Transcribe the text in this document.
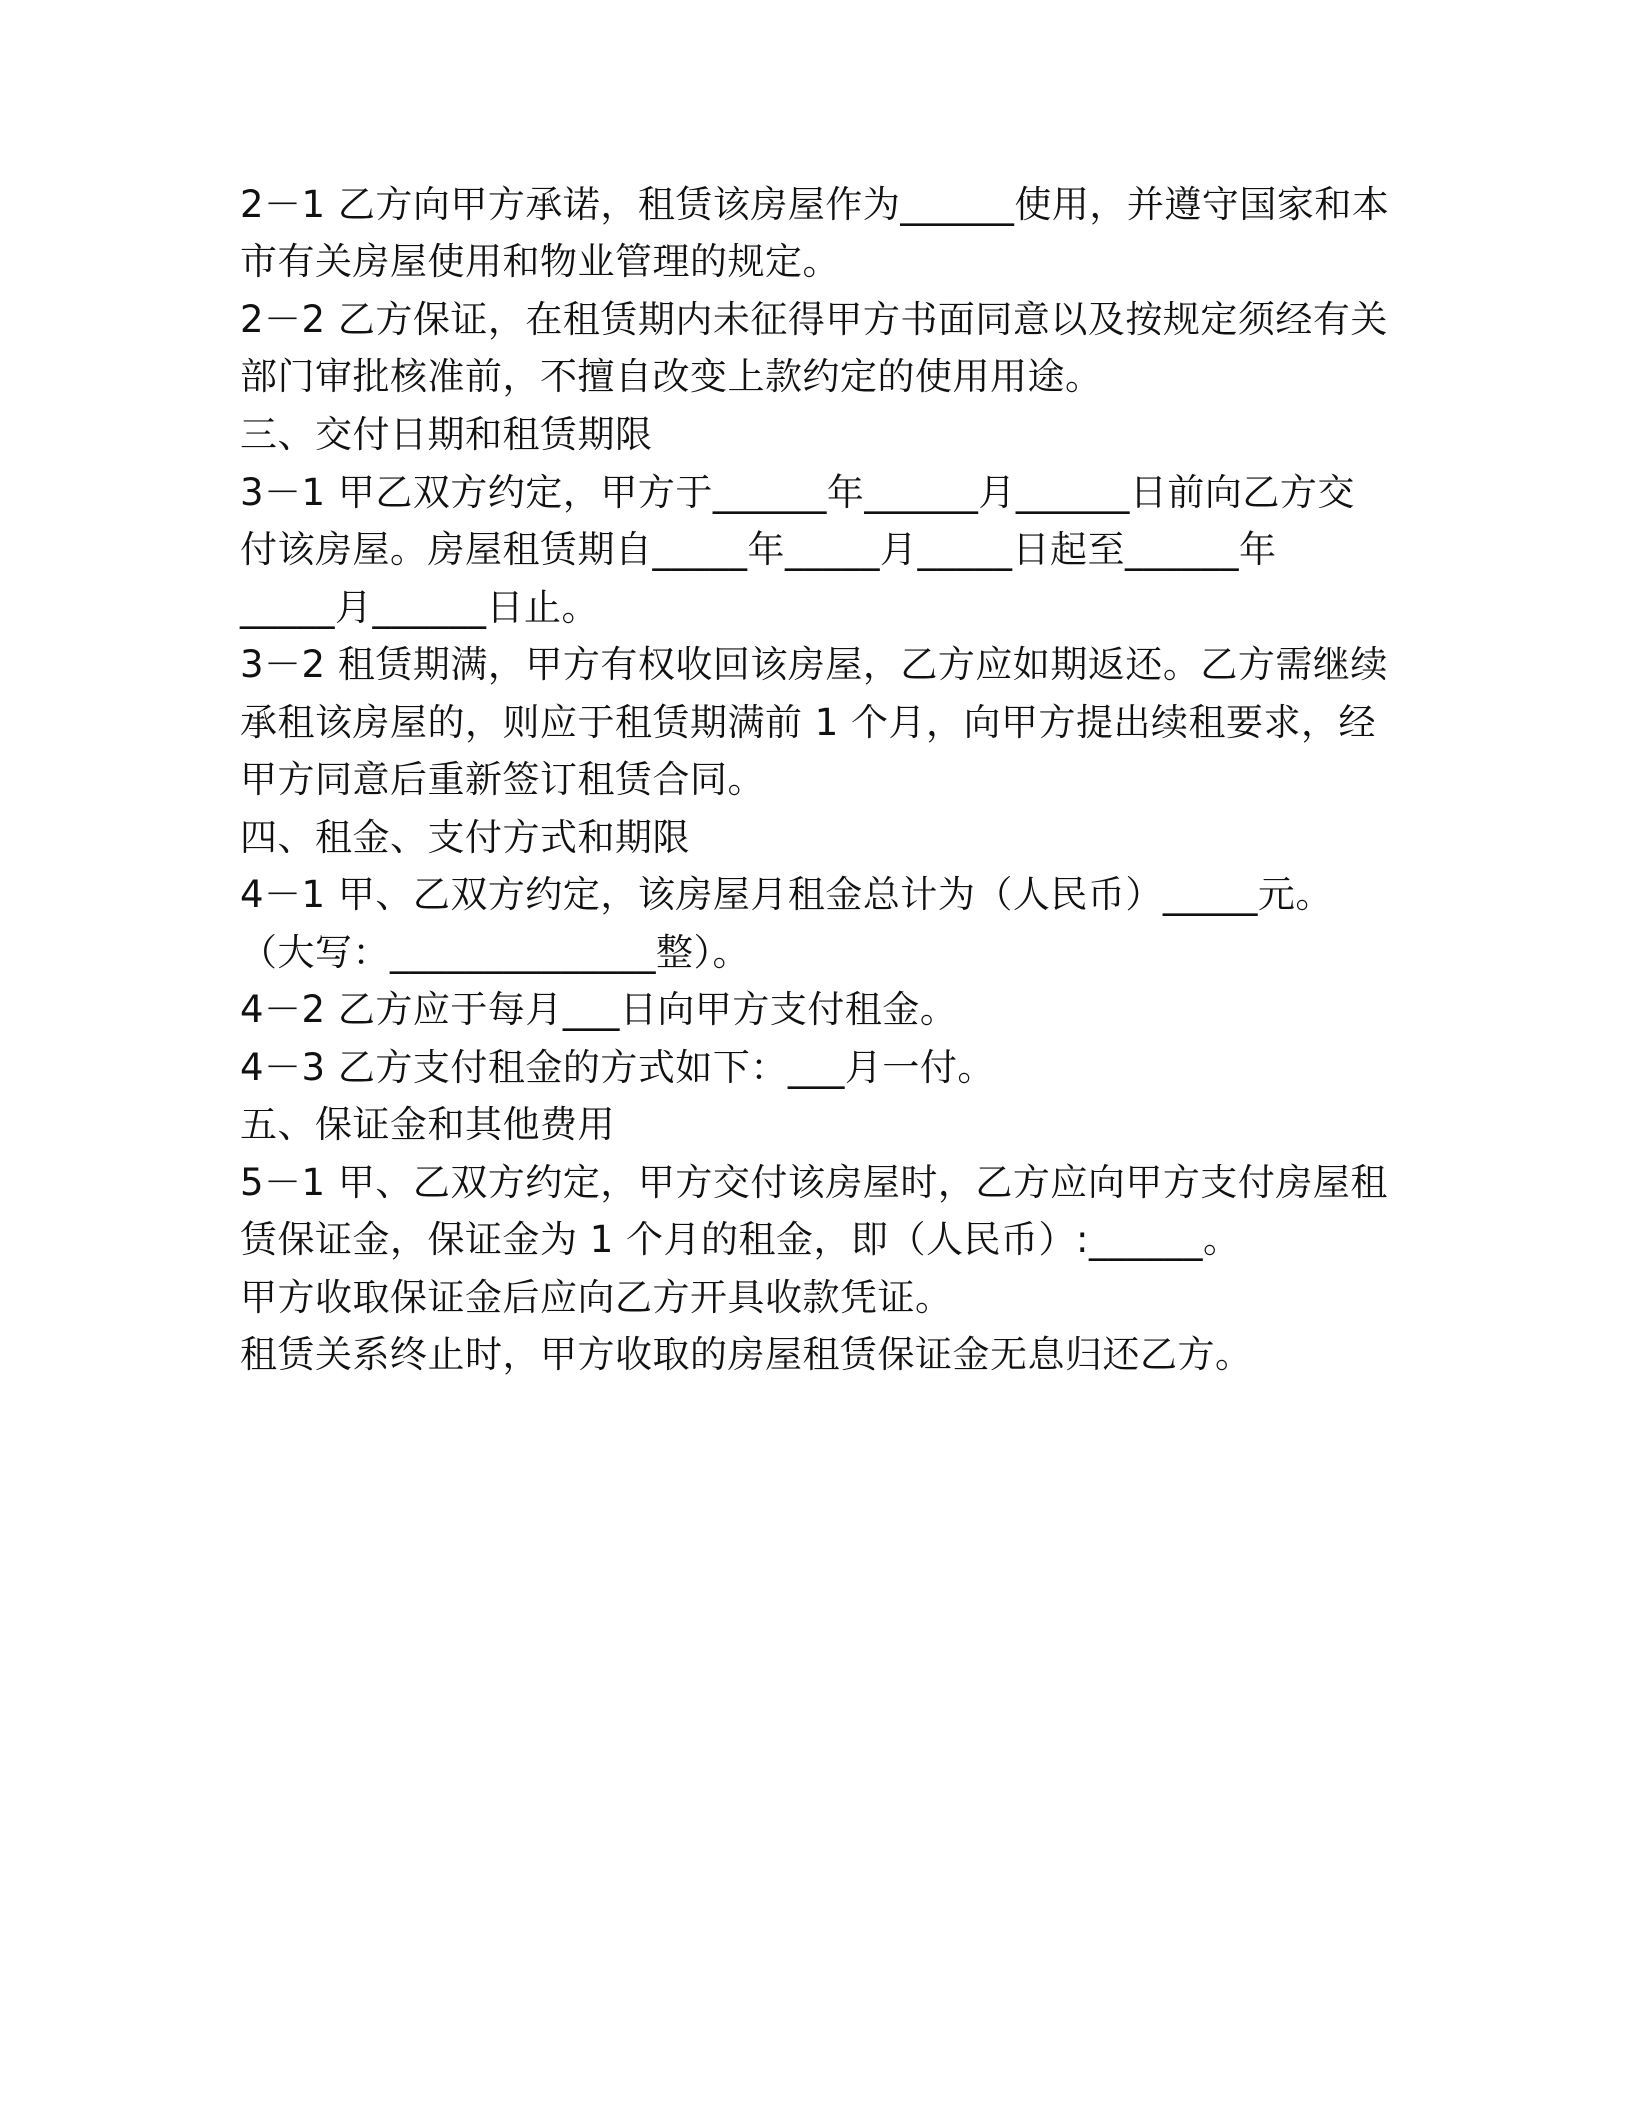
2－1 乙方向甲方承诺，租赁该房屋作为______使用，并遵守国家和本
市有关房屋使用和物业管理的规定。
2－2 乙方保证，在租赁期内未征得甲方书面同意以及按规定须经有关
部门审批核准前，不擅自改变上款约定的使用用途。
三、交付日期和租赁期限
3－1 甲乙双方约定，甲方于______年______月______日前向乙方交
付该房屋。房屋租赁期自_____年_____月_____日起至______年
_____月______日止。
3－2 租赁期满，甲方有权收回该房屋，乙方应如期返还。乙方需继续
承租该房屋的，则应于租赁期满前 1 个月，向甲方提出续租要求，经
甲方同意后重新签订租赁合同。
四、租金、支付方式和期限
4－1 甲、乙双方约定，该房屋月租金总计为（人民币）_____元。
（大写：______________整）。
4－2 乙方应于每月___日向甲方支付租金。
4－3 乙方支付租金的方式如下：___月一付。
五、保证金和其他费用
5－1 甲、乙双方约定，甲方交付该房屋时，乙方应向甲方支付房屋租
赁保证金，保证金为 1 个月的租金，即（人民币）:______。
甲方收取保证金后应向乙方开具收款凭证。
租赁关系终止时，甲方收取的房屋租赁保证金无息归还乙方。
